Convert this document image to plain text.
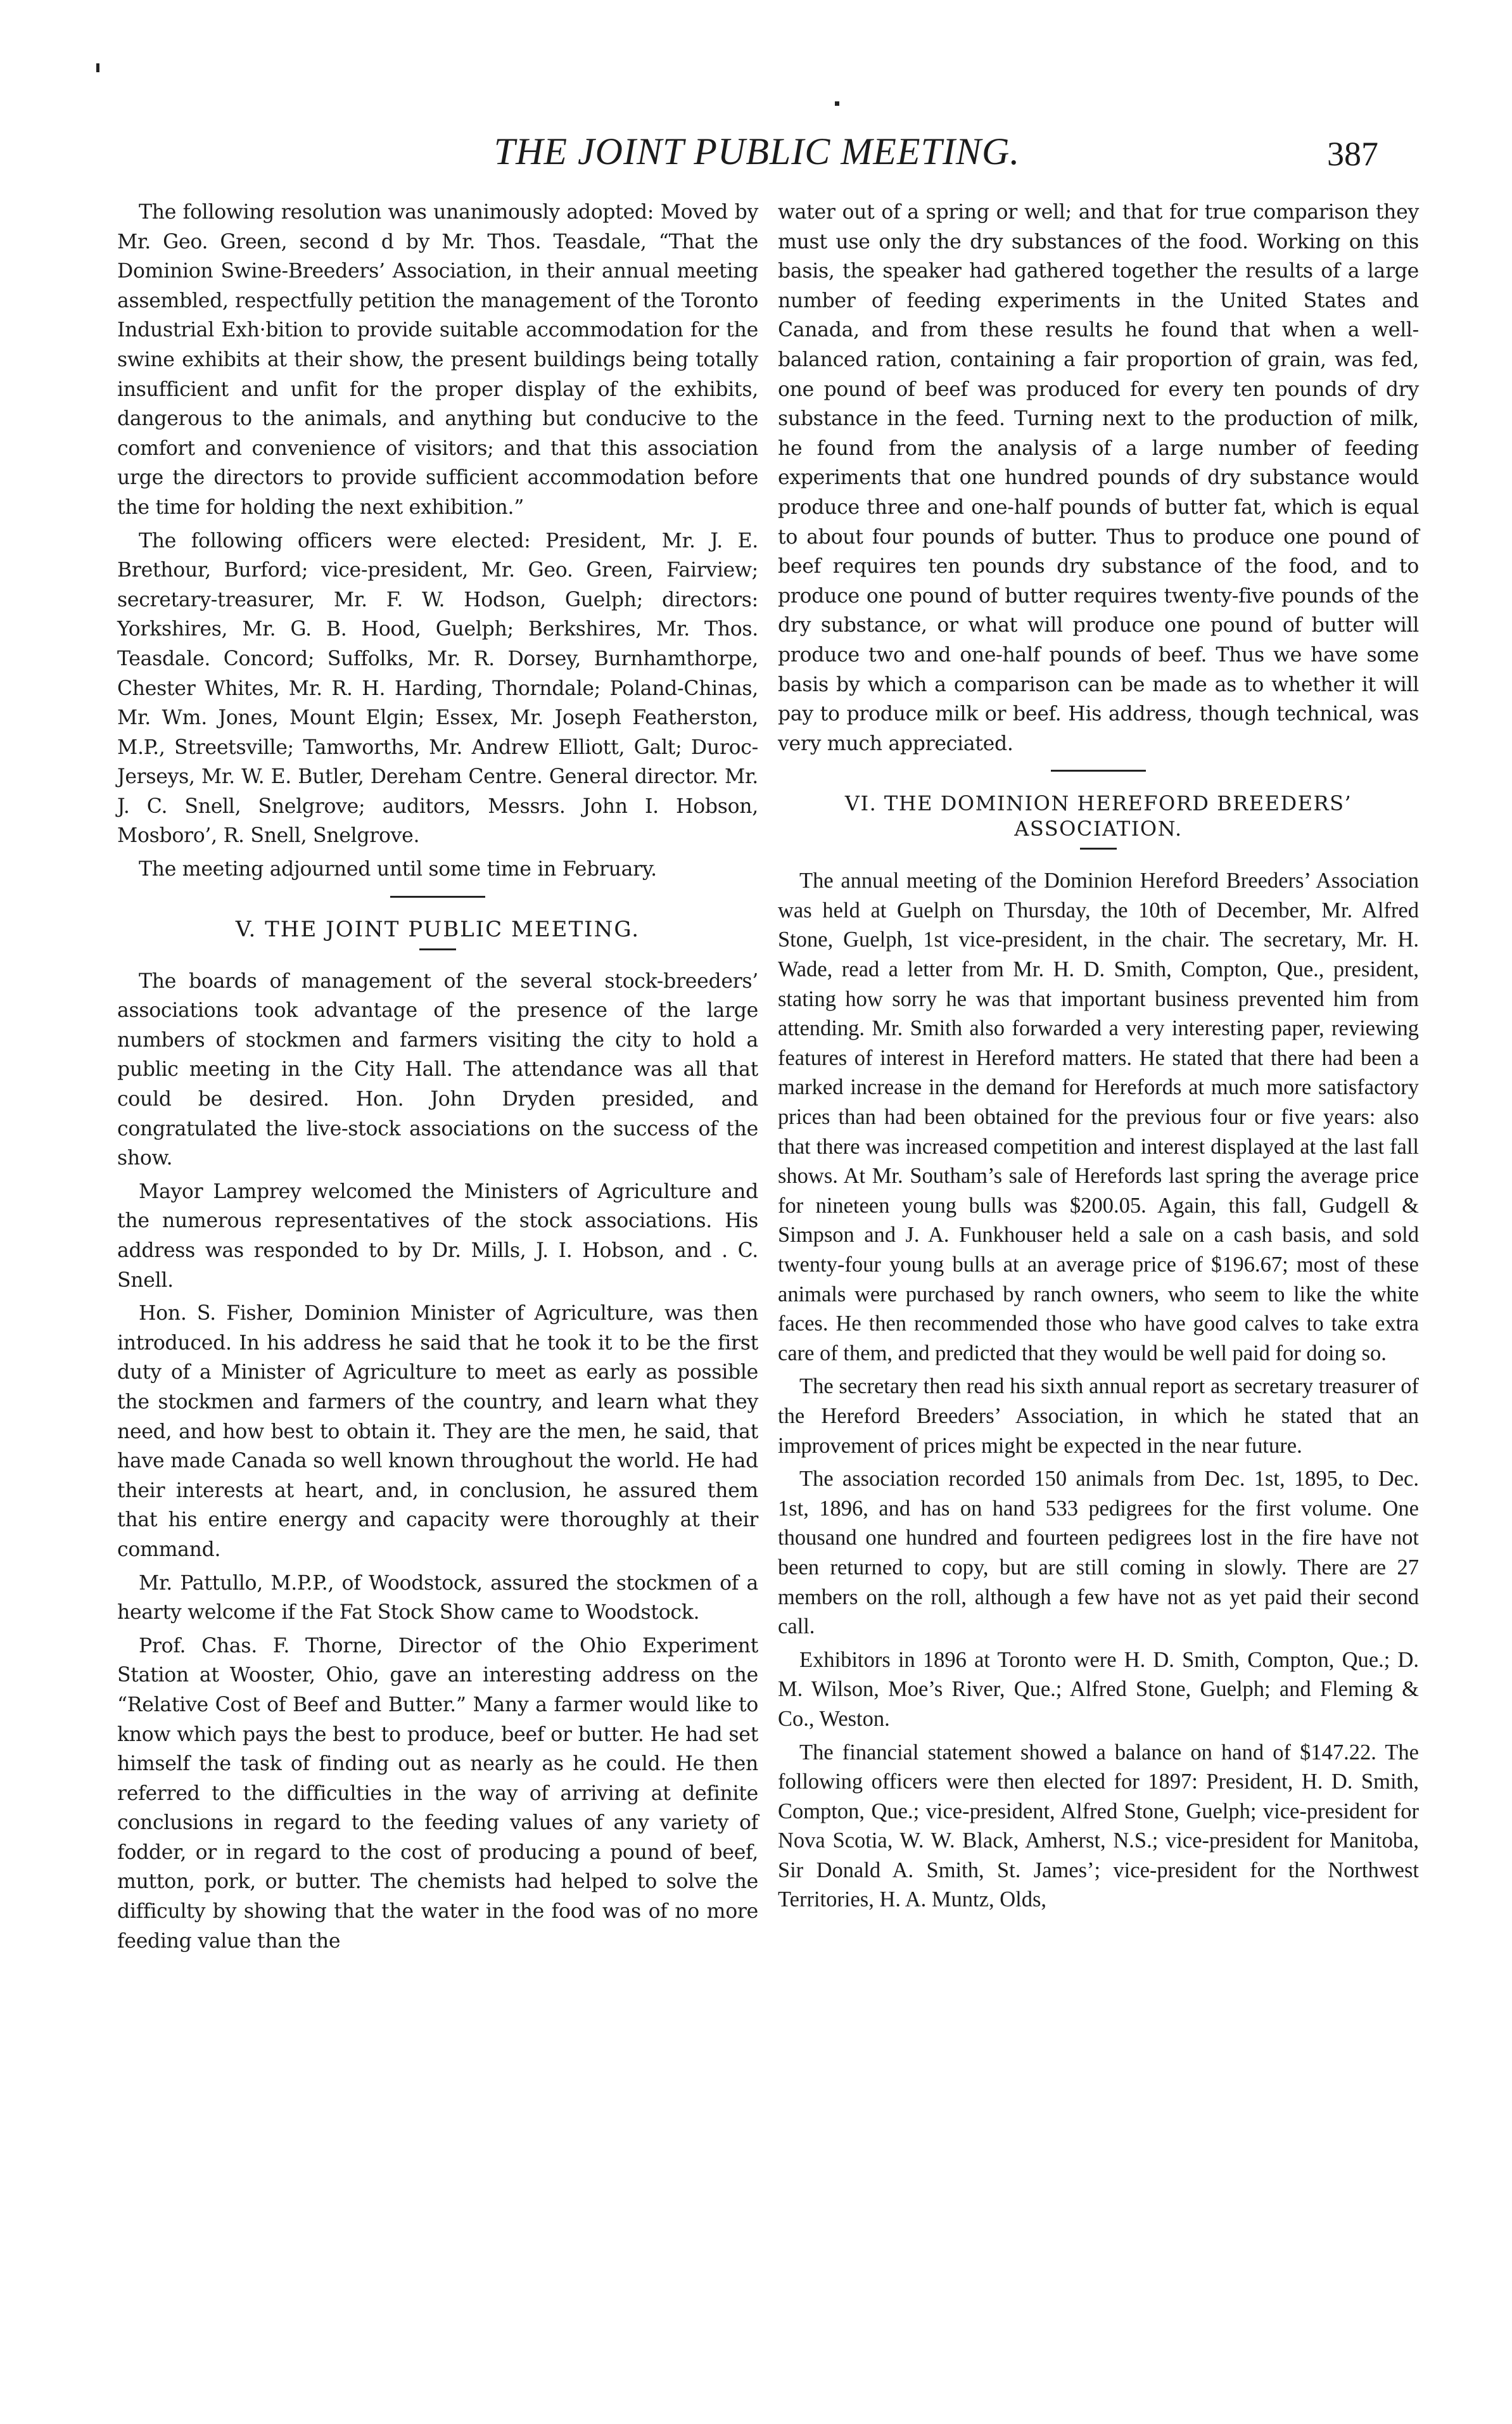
THE JOINT PUBLIC MEETING.	387

The following resolution was unanimously adopted: Moved by Mr. Geo. Green, second d by Mr. Thos. Teasdale, “That the Dominion Swine-Breeders’ Association, in their annual meeting assembled, respectfully petition the management of the Toronto Industrial Exh·bition to provide suitable accommodation for the swine exhibits at their show, the present buildings being totally insufficient and unfit for the proper display of the exhibits, dangerous to the animals, and anything but conducive to the comfort and convenience of visitors; and that this association urge the directors to provide sufficient accommodation before the time for holding the next exhibition.”

The following officers were elected: President, Mr. J. E. Brethour, Burford; vice-president, Mr. Geo. Green, Fairview; secretary-treasurer, Mr. F. W. Hodson, Guelph; directors: Yorkshires, Mr. G. B. Hood, Guelph; Berkshires, Mr. Thos. Teasdale. Concord; Suffolks, Mr. R. Dorsey, Burnhamthorpe, Chester Whites, Mr. R. H. Harding, Thorndale; Poland-Chinas, Mr. Wm. Jones, Mount Elgin; Essex, Mr. Joseph Featherston, M.P., Streetsville; Tamworths, Mr. Andrew Elliott, Galt; Duroc-Jerseys, Mr. W. E. Butler, Dereham Centre. General director. Mr. J. C. Snell, Snelgrove; auditors, Messrs. John I. Hobson, Mosboro’, R. Snell, Snelgrove.

The meeting adjourned until some time in February.

V. THE JOINT PUBLIC MEETING.

The boards of management of the several stock-breeders’ associations took advantage of the presence of the large numbers of stockmen and farmers visiting the city to hold a public meeting in the City Hall. The attendance was all that could be desired. Hon. John Dryden presided, and congratulated the live-stock associations on the success of the show.

Mayor Lamprey welcomed the Ministers of Agriculture and the numerous representatives of the stock associations. His address was responded to by Dr. Mills, J. I. Hobson, and . C. Snell.

Hon. S. Fisher, Dominion Minister of Agriculture, was then introduced. In his address he said that he took it to be the first duty of a Minister of Agriculture to meet as early as possible the stockmen and farmers of the country, and learn what they need, and how best to obtain it. They are the men, he said, that have made Canada so well known throughout the world. He had their interests at heart, and, in conclusion, he assured them that his entire energy and capacity were thoroughly at their command.

Mr. Pattullo, M.P.P., of Woodstock, assured the stockmen of a hearty welcome if the Fat Stock Show came to Woodstock.

Prof. Chas. F. Thorne, Director of the Ohio Experiment Station at Wooster, Ohio, gave an interesting address on the “Relative Cost of Beef and Butter.” Many a farmer would like to know which pays the best to produce, beef or butter. He had set himself the task of finding out as nearly as he could. He then referred to the difficulties in the way of arriving at definite conclusions in regard to the feeding values of any variety of fodder, or in regard to the cost of producing a pound of beef, mutton, pork, or butter. The chemists had helped to solve the difficulty by showing that the water in the food was of no more feeding value than the

water out of a spring or well; and that for true comparison they must use only the dry substances of the food. Working on this basis, the speaker had gathered together the results of a large number of feeding experiments in the United States and Canada, and from these results he found that when a well-balanced ration, containing a fair proportion of grain, was fed, one pound of beef was produced for every ten pounds of dry substance in the feed. Turning next to the production of milk, he found from the analysis of a large number of feeding experiments that one hundred pounds of dry substance would produce three and one-half pounds of butter fat, which is equal to about four pounds of butter. Thus to produce one pound of beef requires ten pounds dry substance of the food, and to produce one pound of butter requires twenty-five pounds of the dry substance, or what will produce one pound of butter will produce two and one-half pounds of beef. Thus we have some basis by which a comparison can be made as to whether it will pay to produce milk or beef. His address, though technical, was very much appreciated.

VI. THE DOMINION HEREFORD BREEDERS’
ASSOCIATION.

The annual meeting of the Dominion Hereford Breeders’ Association was held at Guelph on Thursday, the 10th of December, Mr. Alfred Stone, Guelph, 1st vice-president, in the chair. The secretary, Mr. H. Wade, read a letter from Mr. H. D. Smith, Compton, Que., president, stating how sorry he was that important business prevented him from attending. Mr. Smith also forwarded a very interesting paper, reviewing features of interest in Hereford matters. He stated that there had been a marked increase in the demand for Herefords at much more satisfactory prices than had been obtained for the previous four or five years: also that there was increased competition and interest displayed at the last fall shows. At Mr. Southam’s sale of Herefords last spring the average price for nineteen young bulls was $200.05. Again, this fall, Gudgell & Simpson and J. A. Funkhouser held a sale on a cash basis, and sold twenty-four young bulls at an average price of $196.67; most of these animals were purchased by ranch owners, who seem to like the white faces. He then recommended those who have good calves to take extra care of them, and predicted that they would be well paid for doing so.

The secretary then read his sixth annual report as secretary treasurer of the Hereford Breeders’ Association, in which he stated that an improvement of prices might be expected in the near future.

The association recorded 150 animals from Dec. 1st, 1895, to Dec. 1st, 1896, and has on hand 533 pedigrees for the first volume. One thousand one hundred and fourteen pedigrees lost in the fire have not been returned to copy, but are still coming in slowly. There are 27 members on the roll, although a few have not as yet paid their second call.

Exhibitors in 1896 at Toronto were H. D. Smith, Compton, Que.; D. M. Wilson, Moe’s River, Que.; Alfred Stone, Guelph; and Fleming & Co., Weston.

The financial statement showed a balance on hand of $147.22. The following officers were then elected for 1897: President, H. D. Smith, Compton, Que.; vice-president, Alfred Stone, Guelph; vice-president for Nova Scotia, W. W. Black, Amherst, N.S.; vice-president for Manitoba, Sir Donald A. Smith, St. James’; vice-president for the Northwest Territories, H. A. Muntz, Olds,
